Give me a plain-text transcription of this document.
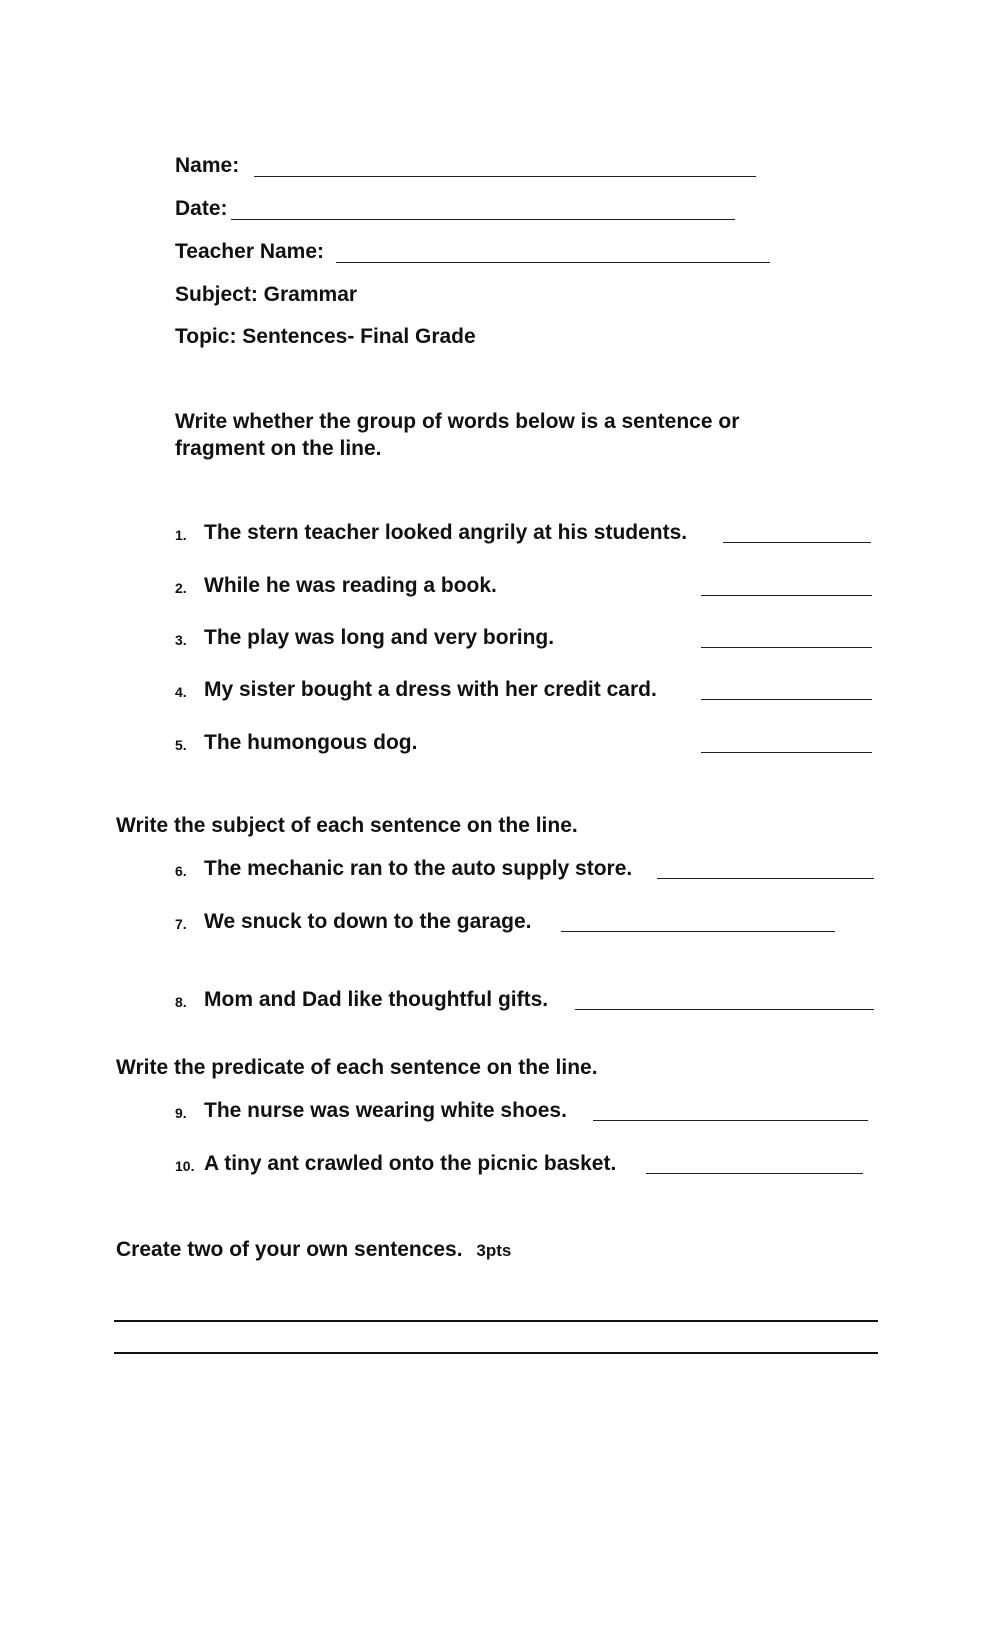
Name:
Date:
Teacher Name:
Subject: Grammar
Topic: Sentences- Final Grade
Write whether the group of words below is a sentence or fragment on the line.
1. The stern teacher looked angrily at his students.
2. While he was reading a book.
3. The play was long and very boring.
4. My sister bought a dress with her credit card.
5. The humongous dog.
Write the subject of each sentence on the line.
6. The mechanic ran to the auto supply store.
7. We snuck to down to the garage.
8. Mom and Dad like thoughtful gifts.
Write the predicate of each sentence on the line.
9. The nurse was wearing white shoes.
10. A tiny ant crawled onto the picnic basket.
Create two of your own sentences. 3pts
